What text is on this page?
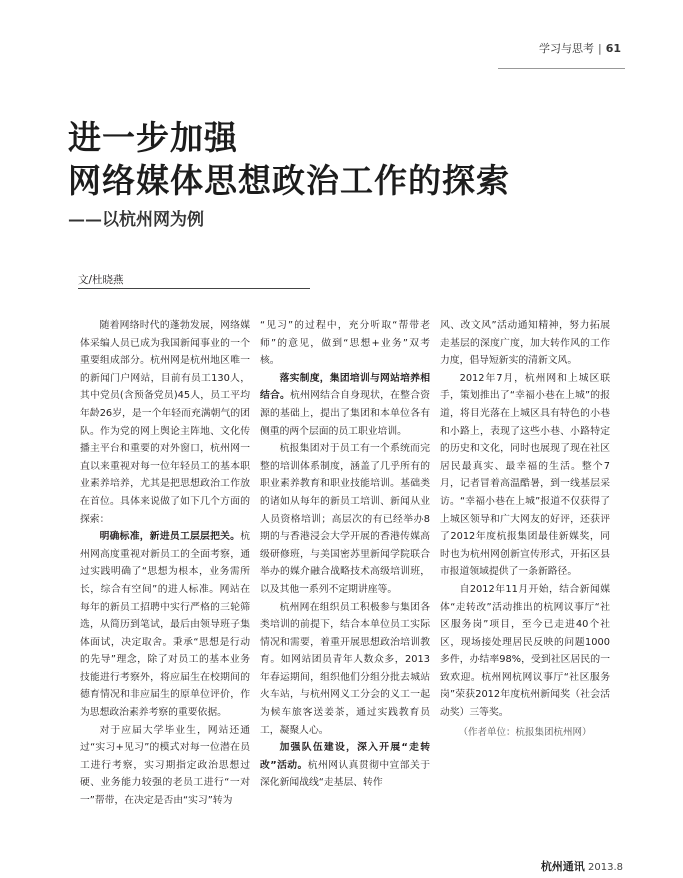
学习与思考 | 61
进一步加强
网络媒体思想政治工作的探索
——以杭州网为例
文/杜晓燕

随着网络时代的蓬勃发展，网络媒体采编人员已成为我国新闻事业的一个重要组成部分。杭州网是杭州地区唯一的新闻门户网站，目前有员工130人，其中党员(含预备党员)45人，员工平均年龄26岁，是一个年轻而充满朝气的团队。作为党的网上舆论主阵地、文化传播主平台和重要的对外窗口，杭州网一直以来重视对每一位年轻员工的基本职业素养培养，尤其是把思想政治工作放在首位。具体来说做了如下几个方面的探索：

明确标准，新进员工层层把关。杭州网高度重视对新员工的全面考察，通过实践明确了“思想为根本，业务需所长，综合有空间”的进人标准。网站在每年的新员工招聘中实行严格的三轮筛选，从简历到笔试，最后由领导班子集体面试，决定取舍。秉承“思想是行动的先导”理念，除了对员工的基本业务技能进行考察外，将应届生在校期间的德育情况和非应届生的原单位评价，作为思想政治素养考察的重要依据。

对于应届大学毕业生，网站还通过“实习+见习”的模式对每一位潜在员工进行考察，实习期指定政治思想过硬、业务能力较强的老员工进行“一对一”帮带，在决定是否由“实习”转为

“见习”的过程中，充分听取“帮带老师”的意见，做到“思想+业务”双考核。

落实制度，集团培训与网站培养相结合。杭州网结合自身现状，在整合资源的基础上，提出了集团和本单位各有侧重的两个层面的员工职业培训。

杭报集团对于员工有一个系统而完整的培训体系制度，涵盖了几乎所有的职业素养教育和职业技能培训。基础类的诸如从每年的新员工培训、新闻从业人员资格培训；高层次的有已经举办8期的与香港浸会大学开展的香港传媒高级研修班，与美国密苏里新闻学院联合举办的媒介融合战略技术高级培训班，以及其他一系列不定期讲座等。

杭州网在组织员工积极参与集团各类培训的前提下，结合本单位员工实际情况和需要，着重开展思想政治培训教育。如网站团员青年人数众多，2013年春运期间，组织他们分组分批去城站火车站，与杭州网义工分会的义工一起为候车旅客送姜茶，通过实践教育员工，凝聚人心。

加强队伍建设，深入开展“走转改”活动。杭州网认真贯彻中宣部关于深化新闻战线“走基层、转作

风、改文风”活动通知精神，努力拓展走基层的深度广度，加大转作风的工作力度，倡导短新实的清新文风。

2012年7月，杭州网和上城区联手，策划推出了“幸福小巷在上城”的报道，将目光落在上城区具有特色的小巷和小路上，表现了这些小巷、小路特定的历史和文化，同时也展现了现在社区居民最真实、最幸福的生活。整个7月，记者冒着高温酷暑，到一线基层采访。“幸福小巷在上城”报道不仅获得了上城区领导和广大网友的好评，还获评了2012年度杭报集团最佳新媒奖，同时也为杭州网创新宣传形式，开拓区县市报道领域提供了一条新路径。

自2012年11月开始，结合新闻媒体“走转改”活动推出的杭网议事厅“社区服务岗”项目，至今已走进40个社区，现场接处理居民反映的问题1000多件，办结率98%，受到社区居民的一致欢迎。杭州网杭网议事厅“社区服务岗”荣获2012年度杭州新闻奖（社会活动奖）三等奖。

（作者单位：杭报集团杭州网）

杭州通讯 2013.8
